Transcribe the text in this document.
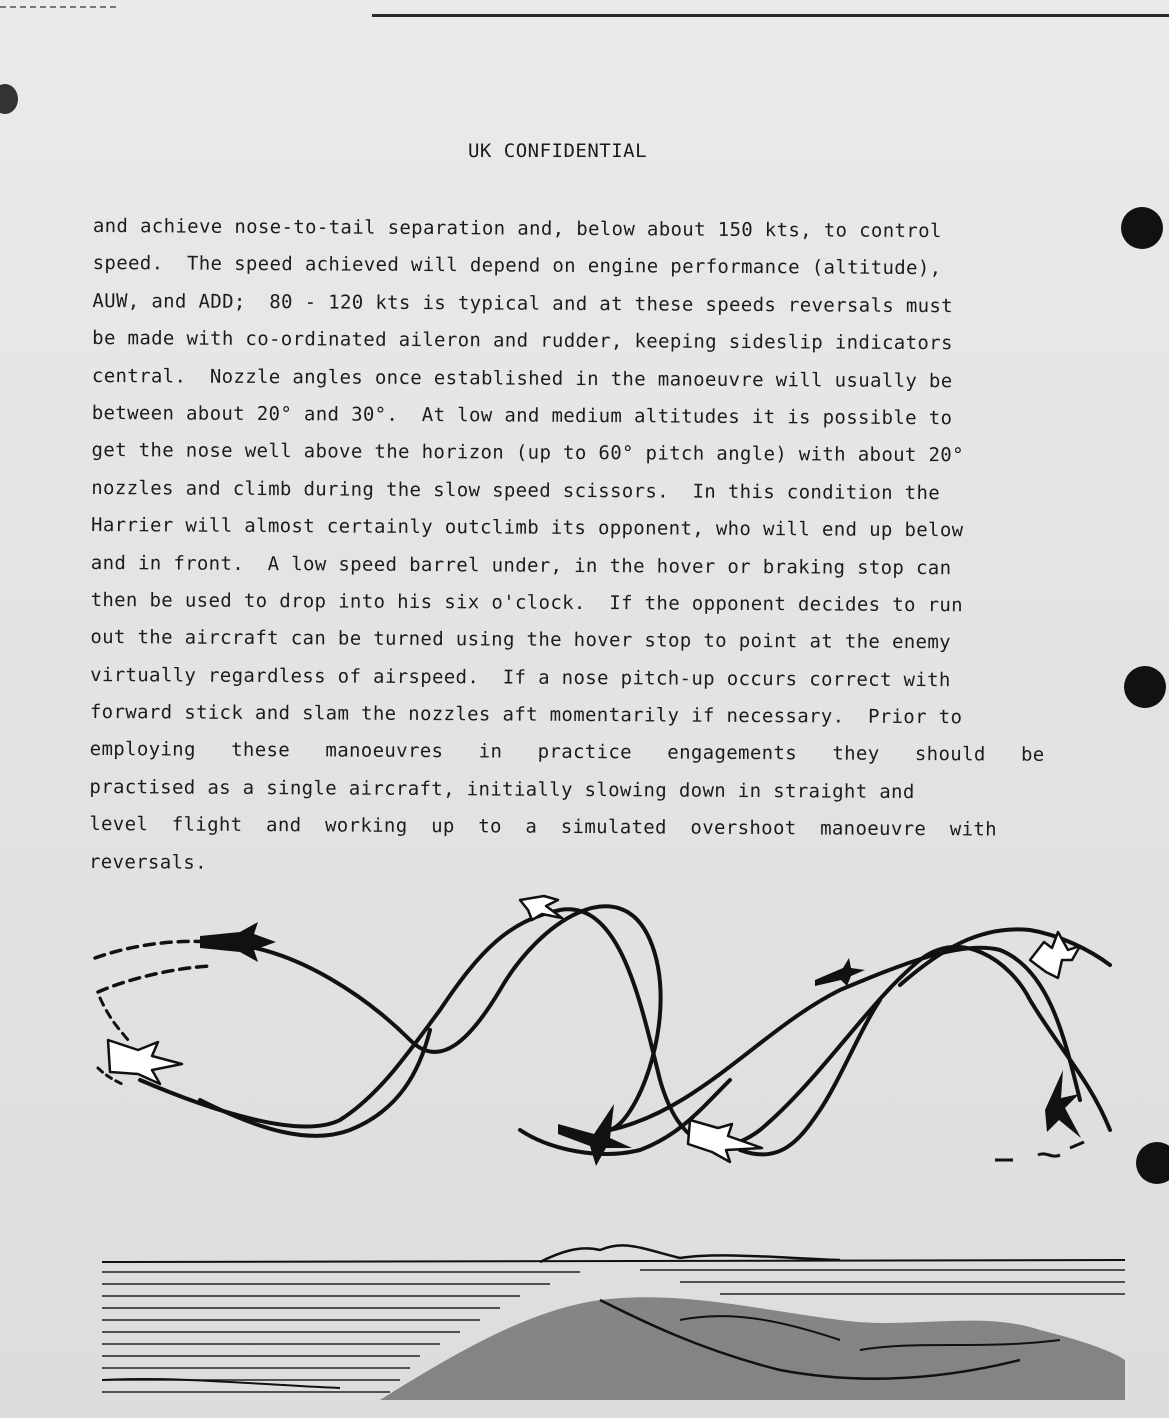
UK CONFIDENTIAL
and achieve nose-to-tail separation and, below about 150 kts, to control
speed.  The speed achieved will depend on engine performance (altitude),
AUW, and ADD;  80 - 120 kts is typical and at these speeds reversals must
be made with co-ordinated aileron and rudder, keeping sideslip indicators
central.  Nozzle angles once established in the manoeuvre will usually be
between about 20° and 30°.  At low and medium altitudes it is possible to
get the nose well above the horizon (up to 60° pitch angle) with about 20°
nozzles and climb during the slow speed scissors.  In this condition the
Harrier will almost certainly outclimb its opponent, who will end up below
and in front.  A low speed barrel under, in the hover or braking stop can
then be used to drop into his six o'clock.  If the opponent decides to run
out the aircraft can be turned using the hover stop to point at the enemy
virtually regardless of airspeed.  If a nose pitch-up occurs correct with
forward stick and slam the nozzles aft momentarily if necessary.  Prior to
employing   these   manoeuvres   in   practice   engagements   they   should   be
practised as a single aircraft, initially slowing down in straight and
level  flight  and  working  up  to  a  simulated  overshoot  manoeuvre  with
reversals.
